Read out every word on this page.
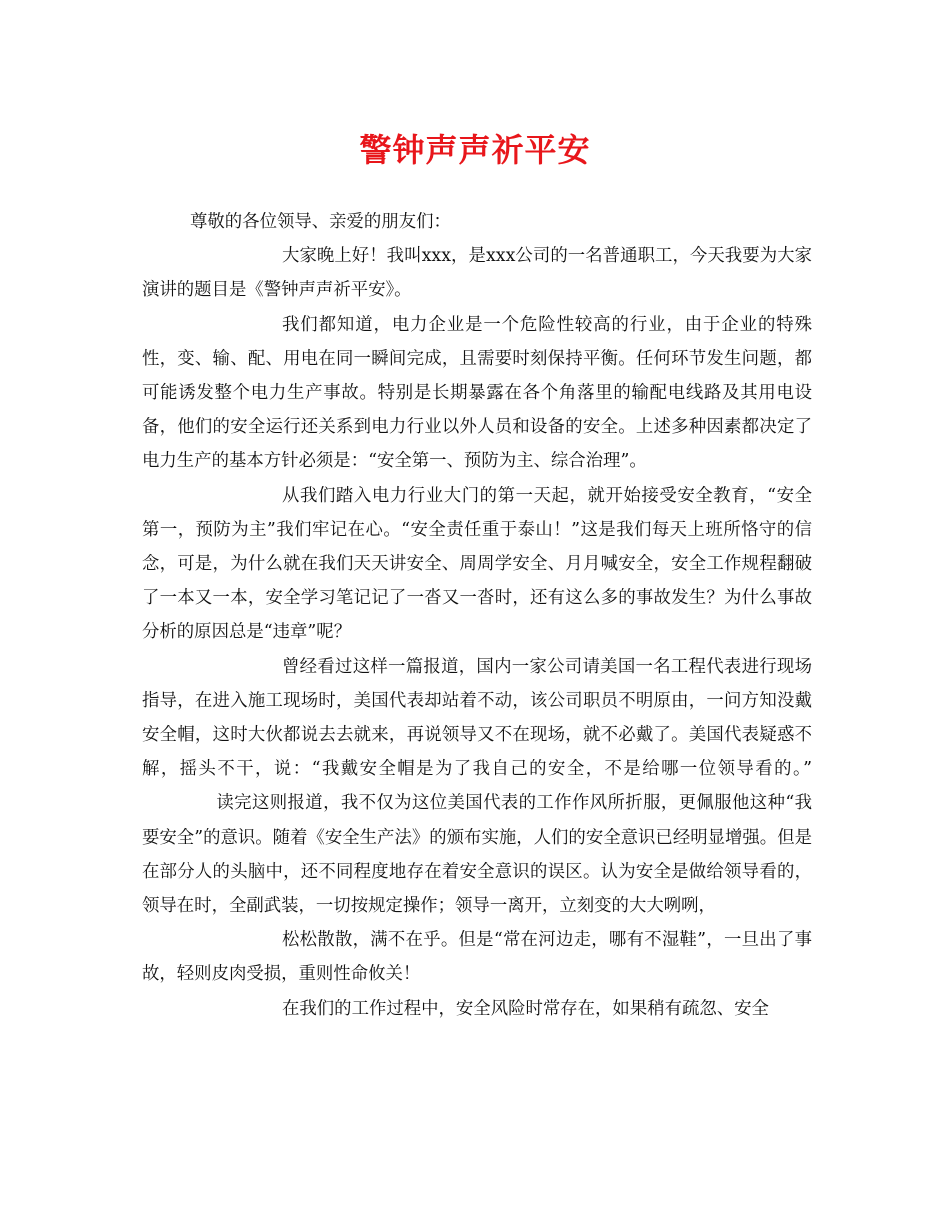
警钟声声祈平安

尊敬的各位领导、亲爱的朋友们：

大家晚上好！我叫xxx，是xxx公司的一名普通职工，今天我要为大家演讲的题目是《警钟声声祈平安》。

我们都知道，电力企业是一个危险性较高的行业，由于企业的特殊性，变、输、配、用电在同一瞬间完成，且需要时刻保持平衡。任何环节发生问题，都可能诱发整个电力生产事故。特别是长期暴露在各个角落里的输配电线路及其用电设备，他们的安全运行还关系到电力行业以外人员和设备的安全。上述多种因素都决定了电力生产的基本方针必须是：“安全第一、预防为主、综合治理”。

从我们踏入电力行业大门的第一天起，就开始接受安全教育，“安全第一，预防为主”我们牢记在心。“安全责任重于泰山！”这是我们每天上班所恪守的信念，可是，为什么就在我们天天讲安全、周周学安全、月月喊安全，安全工作规程翻破了一本又一本，安全学习笔记记了一沓又一沓时，还有这么多的事故发生？为什么事故分析的原因总是“违章”呢？

曾经看过这样一篇报道，国内一家公司请美国一名工程代表进行现场指导，在进入施工现场时，美国代表却站着不动，该公司职员不明原由，一问方知没戴安全帽，这时大伙都说去去就来，再说领导又不在现场，就不必戴了。美国代表疑惑不解，摇头不干，说：“我戴安全帽是为了我自己的安全，不是给哪一位领导看的。”读完这则报道，我不仅为这位美国代表的工作作风所折服，更佩服他这种“我要安全”的意识。随着《安全生产法》的颁布实施，人们的安全意识已经明显增强。但是在部分人的头脑中，还不同程度地存在着安全意识的误区。认为安全是做给领导看的，领导在时，全副武装，一切按规定操作；领导一离开，立刻变的大大咧咧，

松松散散，满不在乎。但是“常在河边走，哪有不湿鞋”，一旦出了事故，轻则皮肉受损，重则性命攸关！

在我们的工作过程中，安全风险时常存在，如果稍有疏忽、安全
